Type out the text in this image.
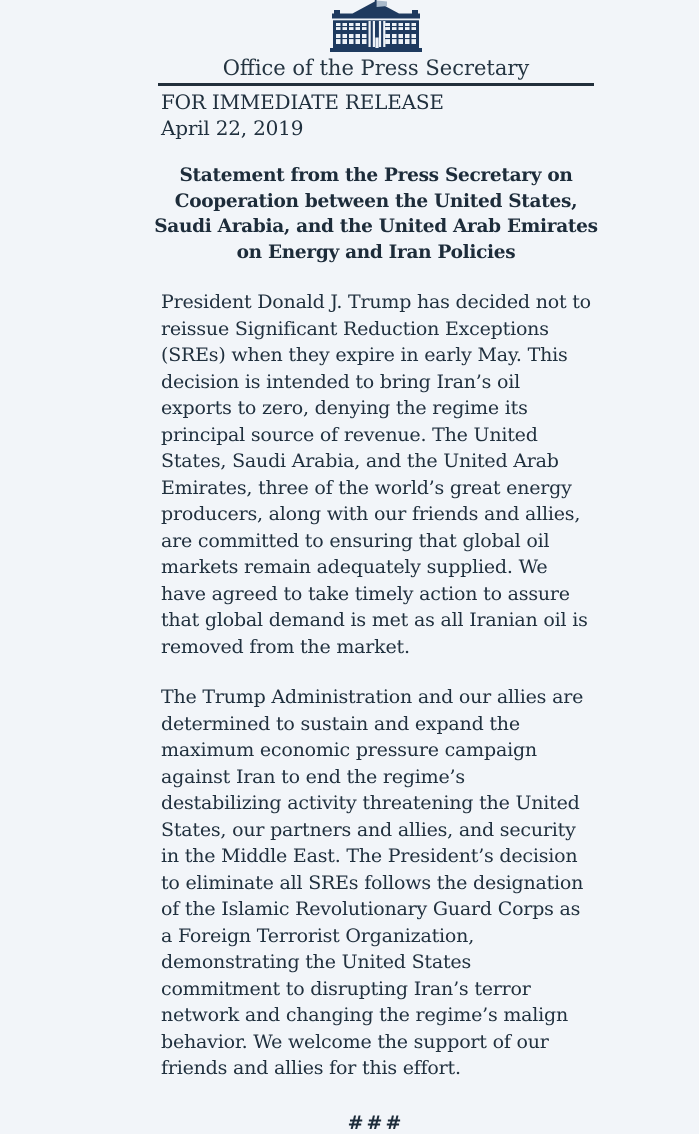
Office of the Press Secretary
FOR IMMEDIATE RELEASE
April 22, 2019
Statement from the Press Secretary on Cooperation between the United States, Saudi Arabia, and the United Arab Emirates on Energy and Iran Policies

President Donald J. Trump has decided not to reissue Significant Reduction Exceptions (SREs) when they expire in early May. This decision is intended to bring Iran’s oil exports to zero, denying the regime its principal source of revenue. The United States, Saudi Arabia, and the United Arab Emirates, three of the world’s great energy producers, along with our friends and allies, are committed to ensuring that global oil markets remain adequately supplied. We have agreed to take timely action to assure that global demand is met as all Iranian oil is removed from the market.

The Trump Administration and our allies are determined to sustain and expand the maximum economic pressure campaign against Iran to end the regime’s destabilizing activity threatening the United States, our partners and allies, and security in the Middle East. The President’s decision to eliminate all SREs follows the designation of the Islamic Revolutionary Guard Corps as a Foreign Terrorist Organization, demonstrating the United States commitment to disrupting Iran’s terror network and changing the regime’s malign behavior. We welcome the support of our friends and allies for this effort.

###
